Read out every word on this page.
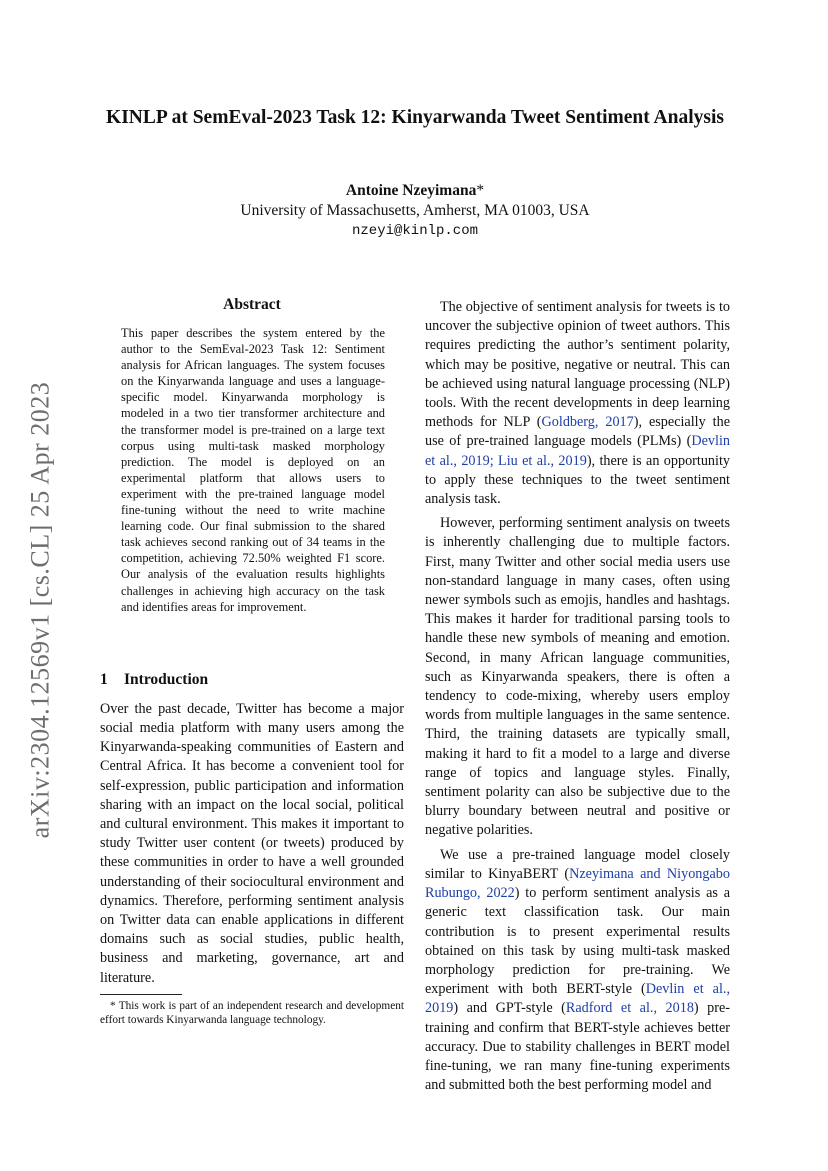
arXiv:2304.12569v1 [cs.CL] 25 Apr 2023
KINLP at SemEval-2023 Task 12: Kinyarwanda Tweet Sentiment Analysis
Antoine Nzeyimana*
University of Massachusetts, Amherst, MA 01003, USA
nzeyi@kinlp.com
Abstract

This paper describes the system entered by the author to the SemEval-2023 Task 12: Sentiment analysis for African languages. The system focuses on the Kinyarwanda language and uses a language-specific model. Kinyarwanda morphology is modeled in a two tier transformer architecture and the transformer model is pre-trained on a large text corpus using multi-task masked morphology prediction. The model is deployed on an experimental platform that allows users to experiment with the pre-trained language model fine-tuning without the need to write machine learning code. Our final submission to the shared task achieves second ranking out of 34 teams in the competition, achieving 72.50% weighted F1 score. Our analysis of the evaluation results highlights challenges in achieving high accuracy on the task and identifies areas for improvement.

1 Introduction

Over the past decade, Twitter has become a major social media platform with many users among the Kinyarwanda-speaking communities of Eastern and Central Africa. It has become a convenient tool for self-expression, public participation and information sharing with an impact on the local social, political and cultural environment. This makes it important to study Twitter user content (or tweets) produced by these communities in order to have a well grounded understanding of their sociocultural environment and dynamics. Therefore, performing sentiment analysis on Twitter data can enable applications in different domains such as social studies, public health, business and marketing, governance, art and literature.

* This work is part of an independent research and development effort towards Kinyarwanda language technology.

The objective of sentiment analysis for tweets is to uncover the subjective opinion of tweet authors. This requires predicting the author’s sentiment polarity, which may be positive, negative or neutral. This can be achieved using natural language processing (NLP) tools. With the recent developments in deep learning methods for NLP (Goldberg, 2017), especially the use of pre-trained language models (PLMs) (Devlin et al., 2019; Liu et al., 2019), there is an opportunity to apply these techniques to the tweet sentiment analysis task.

However, performing sentiment analysis on tweets is inherently challenging due to multiple factors. First, many Twitter and other social media users use non-standard language in many cases, often using newer symbols such as emojis, handles and hashtags. This makes it harder for traditional parsing tools to handle these new symbols of meaning and emotion. Second, in many African language communities, such as Kinyarwanda speakers, there is often a tendency to code-mixing, whereby users employ words from multiple languages in the same sentence. Third, the training datasets are typically small, making it hard to fit a model to a large and diverse range of topics and language styles. Finally, sentiment polarity can also be subjective due to the blurry boundary between neutral and positive or negative polarities.

We use a pre-trained language model closely similar to KinyaBERT (Nzeyimana and Niyongabo Rubungo, 2022) to perform sentiment analysis as a generic text classification task. Our main contribution is to present experimental results obtained on this task by using multi-task masked morphology prediction for pre-training. We experiment with both BERT-style (Devlin et al., 2019) and GPT-style (Radford et al., 2018) pre-training and confirm that BERT-style achieves better accuracy. Due to stability challenges in BERT model fine-tuning, we ran many fine-tuning experiments and submitted both the best performing model and
